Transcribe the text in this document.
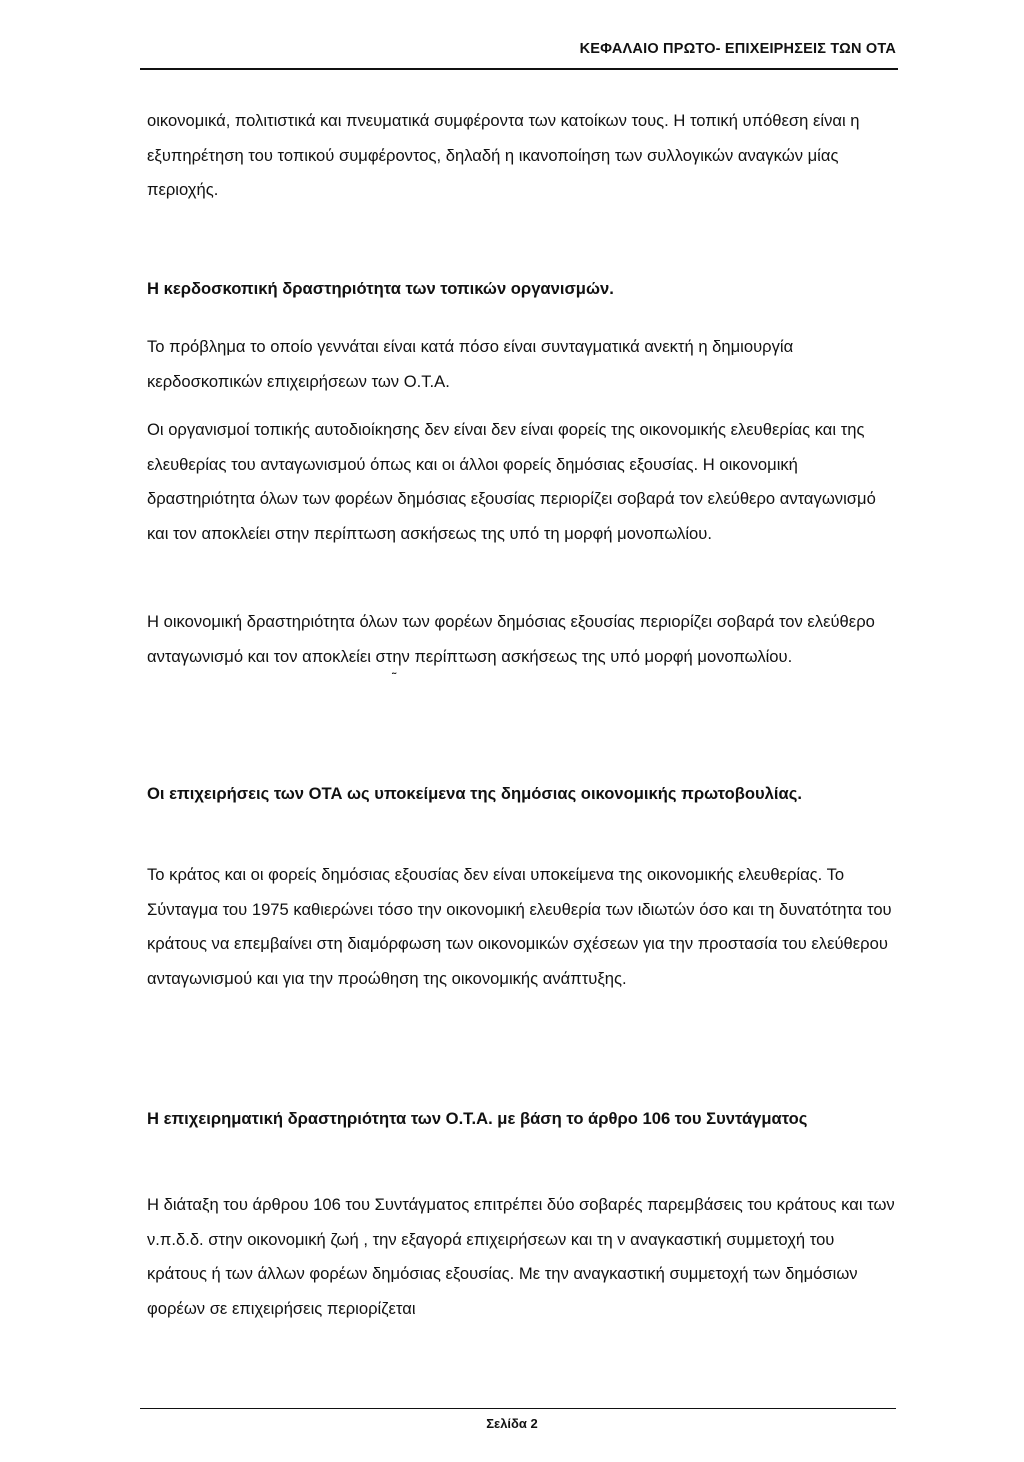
ΚΕΦΑΛΑΙΟ ΠΡΩΤΟ- ΕΠΙΧΕΙΡΗΣΕΙΣ ΤΩΝ ΟΤΑ

οικονομικά, πολιτιστικά και πνευματικά συμφέροντα των κατοίκων τους. Η τοπική υπόθεση είναι η εξυπηρέτηση του τοπικού συμφέροντος, δηλαδή η ικανοποίηση των συλλογικών αναγκών μίας περιοχής.

Η κερδοσκοπική δραστηριότητα των τοπικών οργανισμών.

Το πρόβλημα το οποίο γεννάται είναι κατά πόσο είναι συνταγματικά ανεκτή η δημιουργία κερδοσκοπικών επιχειρήσεων των Ο.Τ.Α.

Οι οργανισμοί τοπικής αυτοδιοίκησης δεν είναι δεν είναι φορείς της οικονομικής ελευθερίας και της ελευθερίας του ανταγωνισμού όπως και οι άλλοι φορείς δημόσιας εξουσίας. Η οικονομική δραστηριότητα όλων των φορέων δημόσιας εξουσίας περιορίζει σοβαρά τον ελεύθερο ανταγωνισμό και τον αποκλείει στην περίπτωση ασκήσεως της υπό τη μορφή μονοπωλίου.

Η οικονομική δραστηριότητα όλων των φορέων δημόσιας εξουσίας περιορίζει σοβαρά τον ελεύθερο ανταγωνισμό και τον αποκλείει στην περίπτωση ασκήσεως της υπό μορφή μονοπωλίου.

˜

Οι επιχειρήσεις των ΟΤΑ ως υποκείμενα της δημόσιας οικονομικής πρωτοβουλίας.

Το κράτος και οι φορείς δημόσιας εξουσίας δεν είναι υποκείμενα της οικονομικής ελευθερίας. Το Σύνταγμα του 1975 καθιερώνει τόσο την οικονομική ελευθερία των ιδιωτών όσο και τη δυνατότητα του κράτους να επεμβαίνει στη διαμόρφωση των οικονομικών σχέσεων για την προστασία του ελεύθερου ανταγωνισμού και για την προώθηση της οικονομικής ανάπτυξης.

Η επιχειρηματική δραστηριότητα των Ο.Τ.Α. με βάση το άρθρο 106 του Συντάγματος

Η διάταξη του άρθρου 106 του Συντάγματος επιτρέπει δύο σοβαρές παρεμβάσεις του κράτους και των ν.π.δ.δ. στην οικονομική ζωή , την εξαγορά επιχειρήσεων και τη ν αναγκαστική συμμετοχή του κράτους ή των άλλων φορέων δημόσιας εξουσίας. Με την αναγκαστική συμμετοχή των δημόσιων φορέων σε επιχειρήσεις περιορίζεται

Σελίδα 2
